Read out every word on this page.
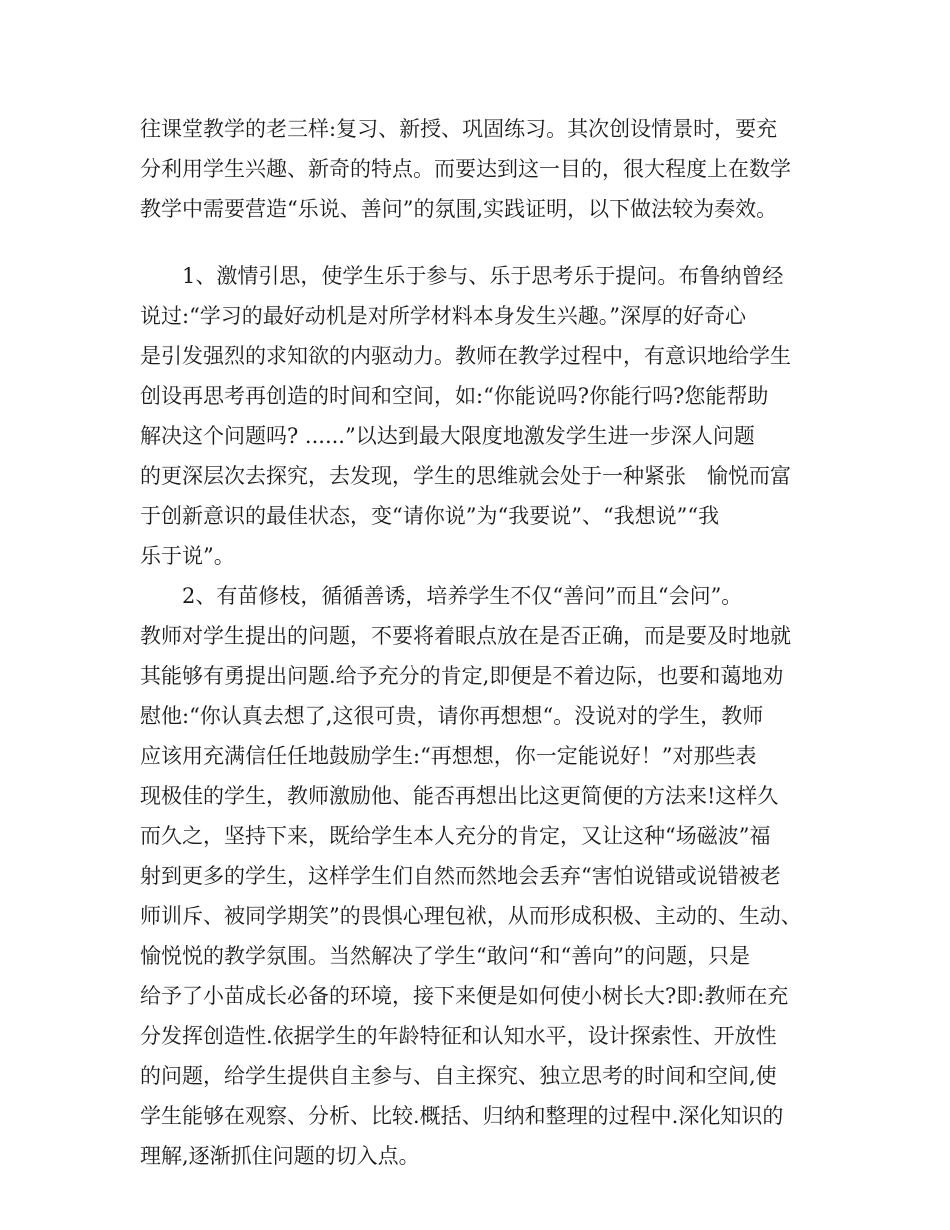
往课堂教学的老三样:复习、新授、巩固练习。其次创设情景时，要充
分利用学生兴趣、新奇的特点。而要达到这一目的，很大程度上在数学
教学中需要营造“乐说、善问”的氛围,实践证明，以下做法较为奏效。
1、激情引思，使学生乐于参与、乐于思考乐于提问。布鲁纳曾经
说过:“学习的最好动机是对所学材料本身发生兴趣。”深厚的好奇心
是引发强烈的求知欲的内驱动力。教师在教学过程中，有意识地给学生
创设再思考再创造的时间和空间，如:“你能说吗?你能行吗?您能帮助
解决这个问题吗? ......”以达到最大限度地激发学生进一步深人问题
的更深层次去探究，去发现，学生的思维就会处于一种紧张　愉悦而富
于创新意识的最佳状态，变“请你说”为“我要说”、“我想说”“我
乐于说”。
2、有苗修枝，循循善诱，培养学生不仅“善问”而且“会问”。
教师对学生提出的问题，不要将着眼点放在是否正确，而是要及时地就
其能够有勇提出问题.给予充分的肯定,即便是不着边际，也要和蔼地劝
慰他:“你认真去想了,这很可贵，请你再想想“。没说对的学生，教师
应该用充满信任任地鼓励学生:“再想想，你一定能说好！”对那些表
现极佳的学生，教师激励他、能否再想出比这更简便的方法来!这样久
而久之，坚持下来，既给学生本人充分的肯定，又让这种“场磁波”福
射到更多的学生，这样学生们自然而然地会丢弃“害怕说错或说错被老
师训斥、被同学期笑”的畏惧心理包袱，从而形成积极、主动的、生动、
愉悦悦的教学氛围。当然解决了学生“敢问“和“善向”的问题，只是
给予了小苗成长必备的环境，接下来便是如何使小树长大?即:教师在充
分发挥创造性.依据学生的年龄特征和认知水平，设计探索性、开放性
的问题，给学生提供自主参与、自主探究、独立思考的时间和空间,使
学生能够在观察、分析、比较.概括、归纳和整理的过程中.深化知识的
理解,逐渐抓住问题的切入点。
